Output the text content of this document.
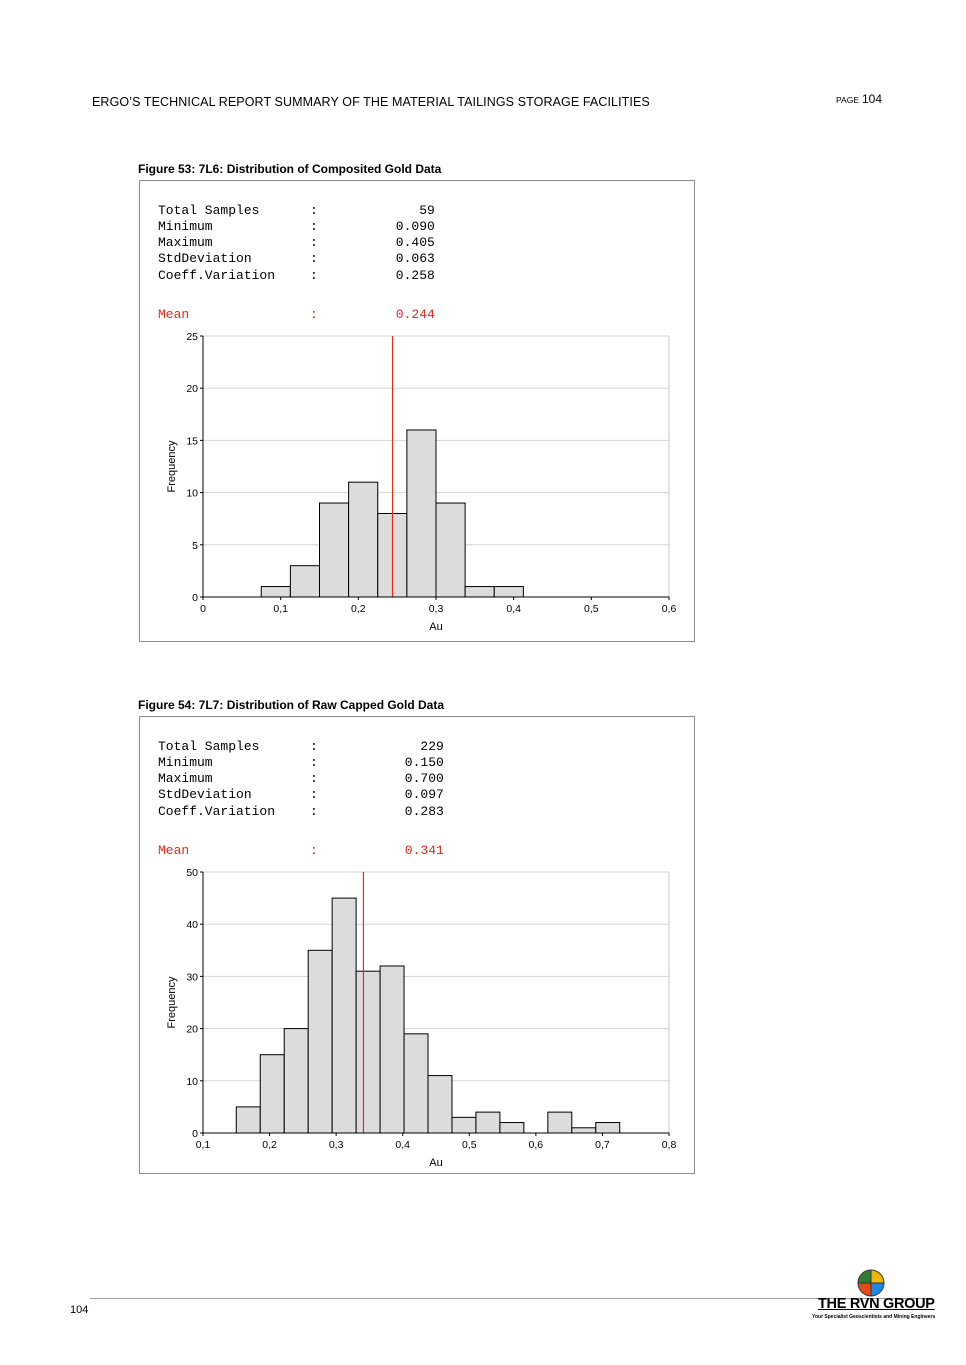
ERGO’S TECHNICAL REPORT SUMMARY OF THE MATERIAL TAILINGS STORAGE FACILITIES	PAGE 104
Figure 53: 7L6: Distribution of Composited Gold Data

Total Samples	:	59

Minimum	:	0.090

Maximum	:	0.405

StdDeviation	:	0.063

Coeff.Variation	:	0.258

Mean	:	0.244

0
5
10
15
20
25
0	0,1	0,2	0,3	0,4	0,5	0,6
Au
Frequency
Figure 54: 7L7: Distribution of Raw Capped Gold Data

Total Samples	:	229

Minimum	:	0.150

Maximum	:	0.700

StdDeviation	:	0.097

Coeff.Variation	:	0.283

Mean	:	0.341

0
10
20
30
40
50
0,1	0,2	0,3	0,4	0,5	0,6	0,7	0,8
Au
Frequency
104	THE RVN GROUP
Your Specialist Geoscientists and Mining Engineers
